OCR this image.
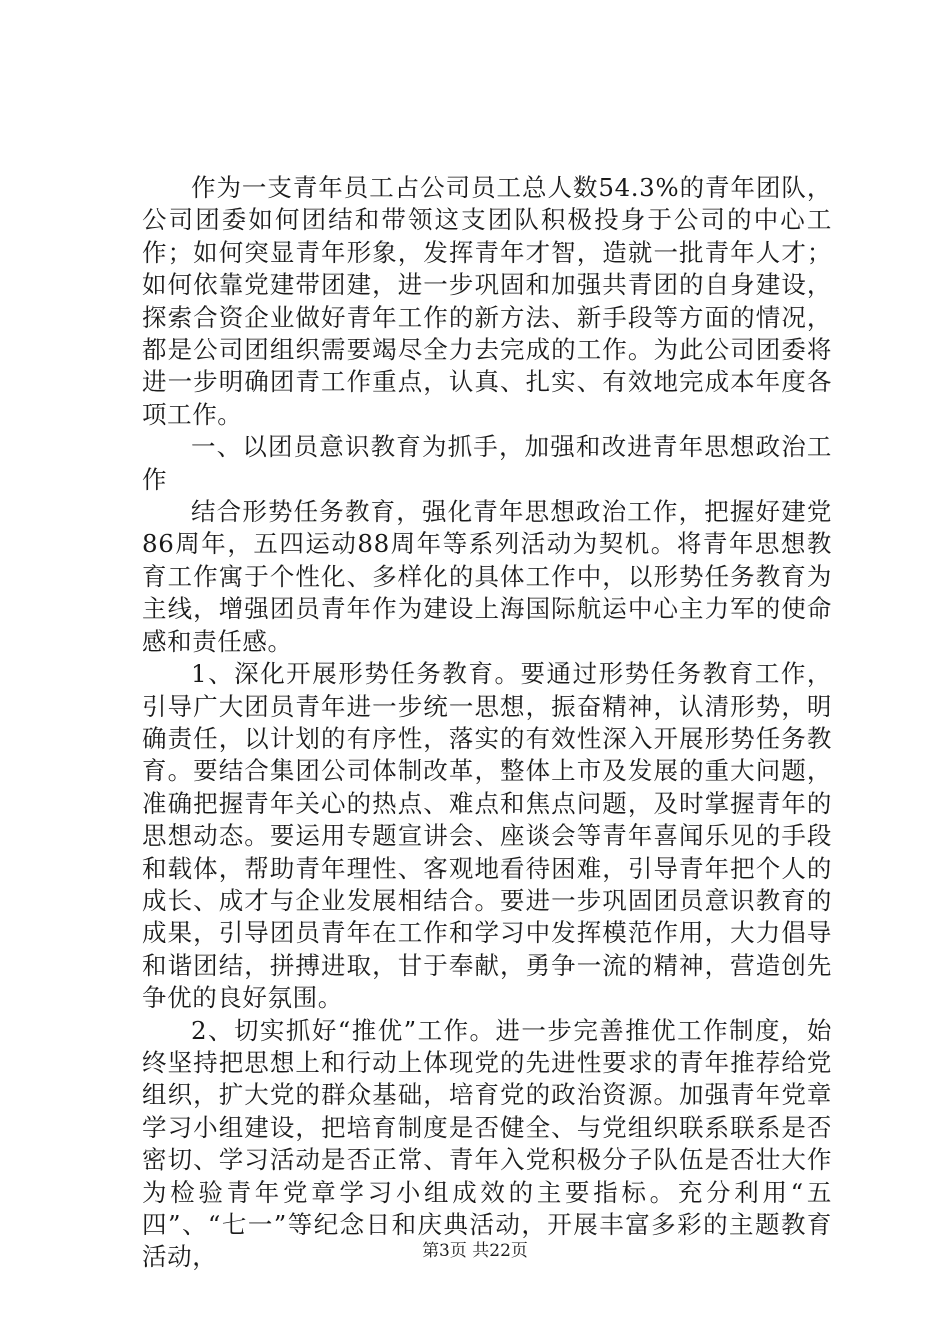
作为一支青年员工占公司员工总人数54.3%的青年团队，公司团委如何团结和带领这支团队积极投身于公司的中心工作；如何突显青年形象，发挥青年才智，造就一批青年人才；如何依靠党建带团建，进一步巩固和加强共青团的自身建设，探索合资企业做好青年工作的新方法、新手段等方面的情况，都是公司团组织需要竭尽全力去完成的工作。为此公司团委将进一步明确团青工作重点，认真、扎实、有效地完成本年度各项工作。

一、以团员意识教育为抓手，加强和改进青年思想政治工作

结合形势任务教育，强化青年思想政治工作，把握好建党86周年，五四运动88周年等系列活动为契机。将青年思想教育工作寓于个性化、多样化的具体工作中，以形势任务教育为主线，增强团员青年作为建设上海国际航运中心主力军的使命感和责任感。

1、深化开展形势任务教育。要通过形势任务教育工作，引导广大团员青年进一步统一思想，振奋精神，认清形势，明确责任，以计划的有序性，落实的有效性深入开展形势任务教育。要结合集团公司体制改革，整体上市及发展的重大问题，准确把握青年关心的热点、难点和焦点问题，及时掌握青年的思想动态。要运用专题宣讲会、座谈会等青年喜闻乐见的手段和载体，帮助青年理性、客观地看待困难，引导青年把个人的成长、成才与企业发展相结合。要进一步巩固团员意识教育的成果，引导团员青年在工作和学习中发挥模范作用，大力倡导和谐团结，拼搏进取，甘于奉献，勇争一流的精神，营造创先争优的良好氛围。

2、切实抓好“推优”工作。进一步完善推优工作制度，始终坚持把思想上和行动上体现党的先进性要求的青年推荐给党组织，扩大党的群众基础，培育党的政治资源。加强青年党章学习小组建设，把培育制度是否健全、与党组织联系联系是否密切、学习活动是否正常、青年入党积极分子队伍是否壮大作为检验青年党章学习小组成效的主要指标。充分利用“五四”、“七一”等纪念日和庆典活动，开展丰富多彩的主题教育活动，	第3页 共22页
